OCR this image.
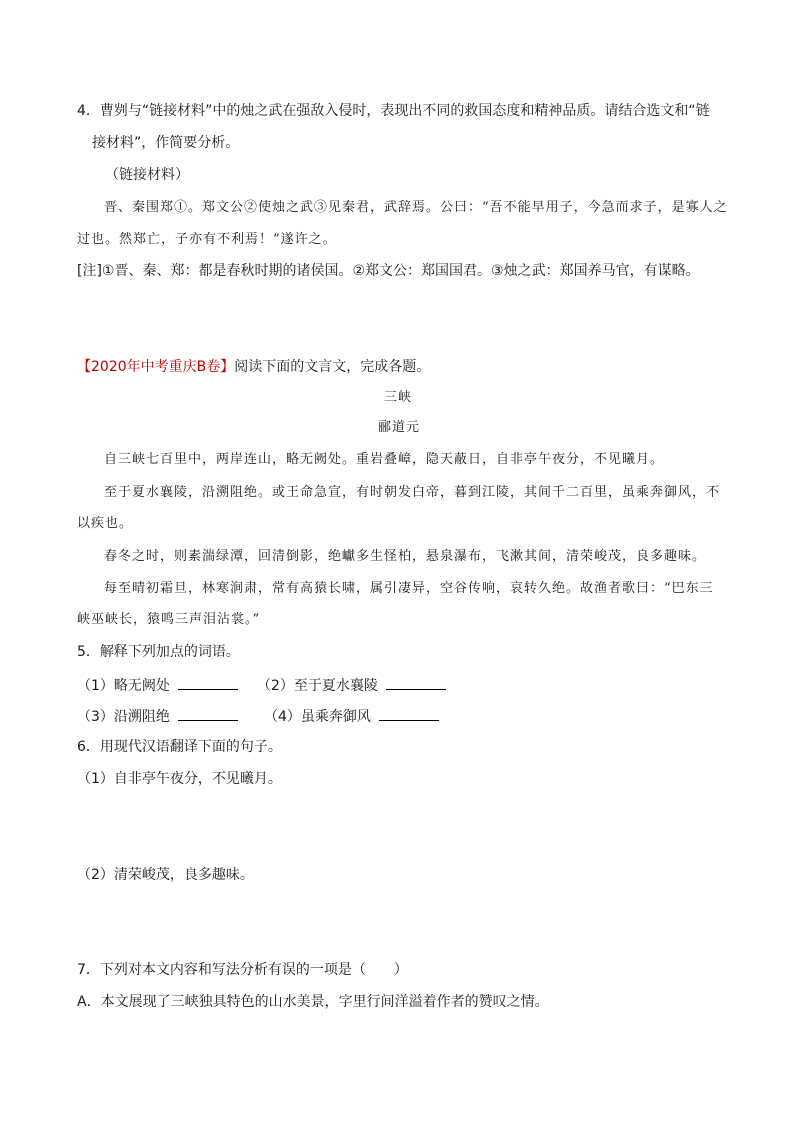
4．曹刿与“链接材料”中的烛之武在强敌入侵时，表现出不同的救国态度和精神品质。请结合选文和“链
接材料”，作简要分析。
（链接材料）
晋、秦围郑①。郑文公②使烛之武③见秦君，武辞焉。公曰：“吾不能早用子，今急而求子，是寡人之
过也。然郑亡，子亦有不利焉！”遂许之。
[注]①晋、秦、郑：都是春秋时期的诸侯国。②郑文公：郑国国君。③烛之武：郑国养马官，有谋略。
【2020年中考重庆B卷】阅读下面的文言文，完成各题。
三峡
郦道元
自三峡七百里中，两岸连山，略无阙处。重岩叠嶂，隐天蔽日，自非亭午夜分，不见曦月。
至于夏水襄陵，沿溯阻绝。或王命急宣，有时朝发白帝，暮到江陵，其间千二百里，虽乘奔御风，不
以疾也。
春冬之时，则素湍绿潭，回清倒影，绝巘多生怪柏，悬泉瀑布，飞漱其间，清荣峻茂，良多趣味。
每至晴初霜旦，林寒涧肃，常有高猿长啸，属引凄异，空谷传响，哀转久绝。故渔者歌曰：“巴东三
峡巫峡长，猿鸣三声泪沾裳。”
5．解释下列加点的词语。
（1）略无阙处	（2）至于夏水襄陵
（3）沿溯阻绝	（4）虽乘奔御风
6．用现代汉语翻译下面的句子。
（1）自非亭午夜分，不见曦月。
（2）清荣峻茂，良多趣味。
7．下列对本文内容和写法分析有误的一项是（　　）
A．本文展现了三峡独具特色的山水美景，字里行间洋溢着作者的赞叹之情。
